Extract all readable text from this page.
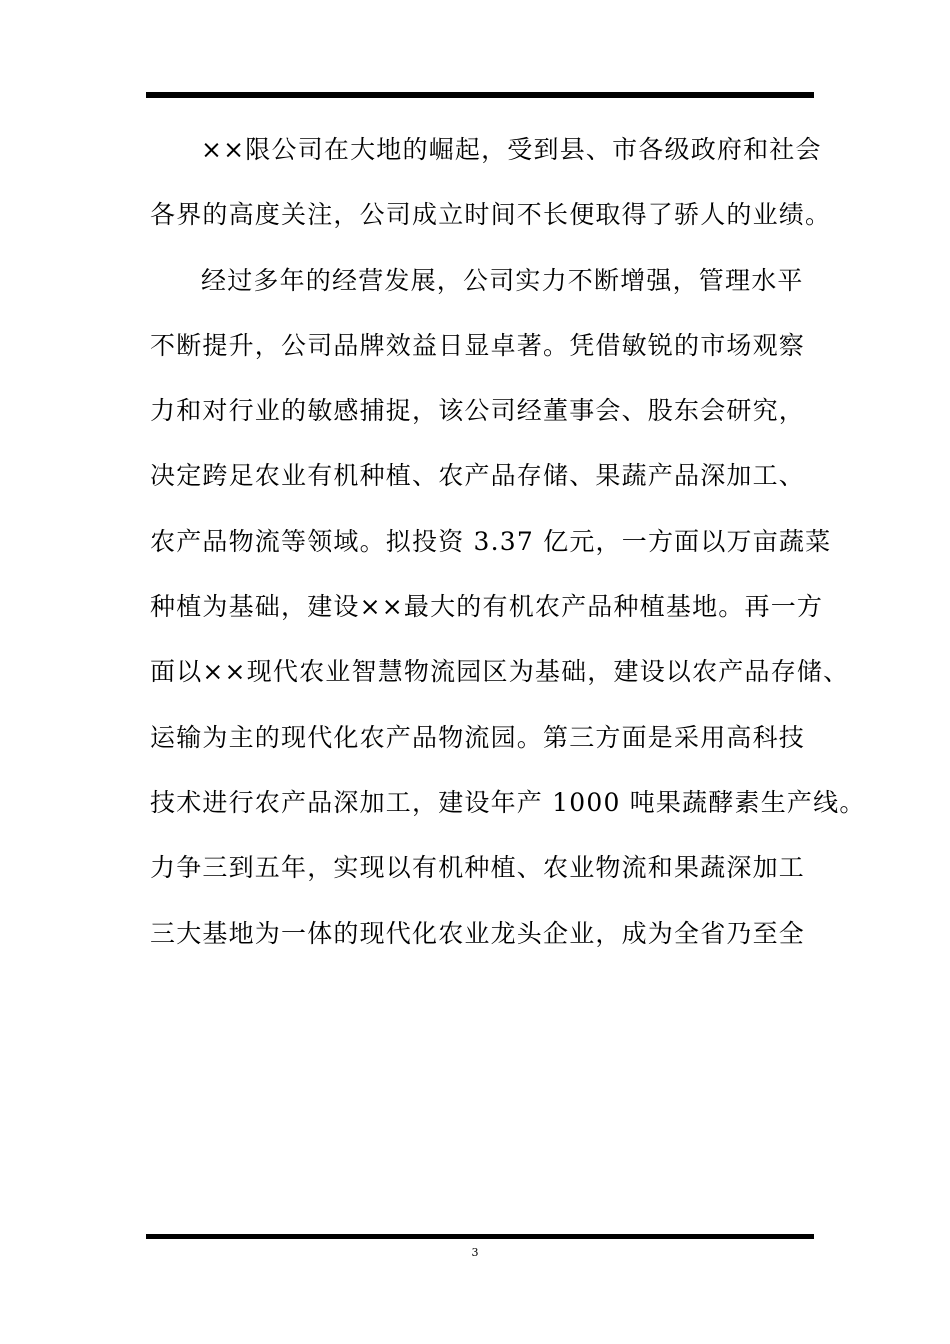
××限公司在大地的崛起，受到县、市各级政府和社会
各界的高度关注，公司成立时间不长便取得了骄人的业绩。
经过多年的经营发展，公司实力不断增强，管理水平
不断提升，公司品牌效益日显卓著。凭借敏锐的市场观察
力和对行业的敏感捕捉，该公司经董事会、股东会研究，
决定跨足农业有机种植、农产品存储、果蔬产品深加工、
农产品物流等领域。拟投资 3.37 亿元，一方面以万亩蔬菜
种植为基础，建设××最大的有机农产品种植基地。再一方
面以××现代农业智慧物流园区为基础，建设以农产品存储、
运输为主的现代化农产品物流园。第三方面是采用高科技
技术进行农产品深加工，建设年产 1000 吨果蔬酵素生产线。
力争三到五年，实现以有机种植、农业物流和果蔬深加工
三大基地为一体的现代化农业龙头企业，成为全省乃至全
3
